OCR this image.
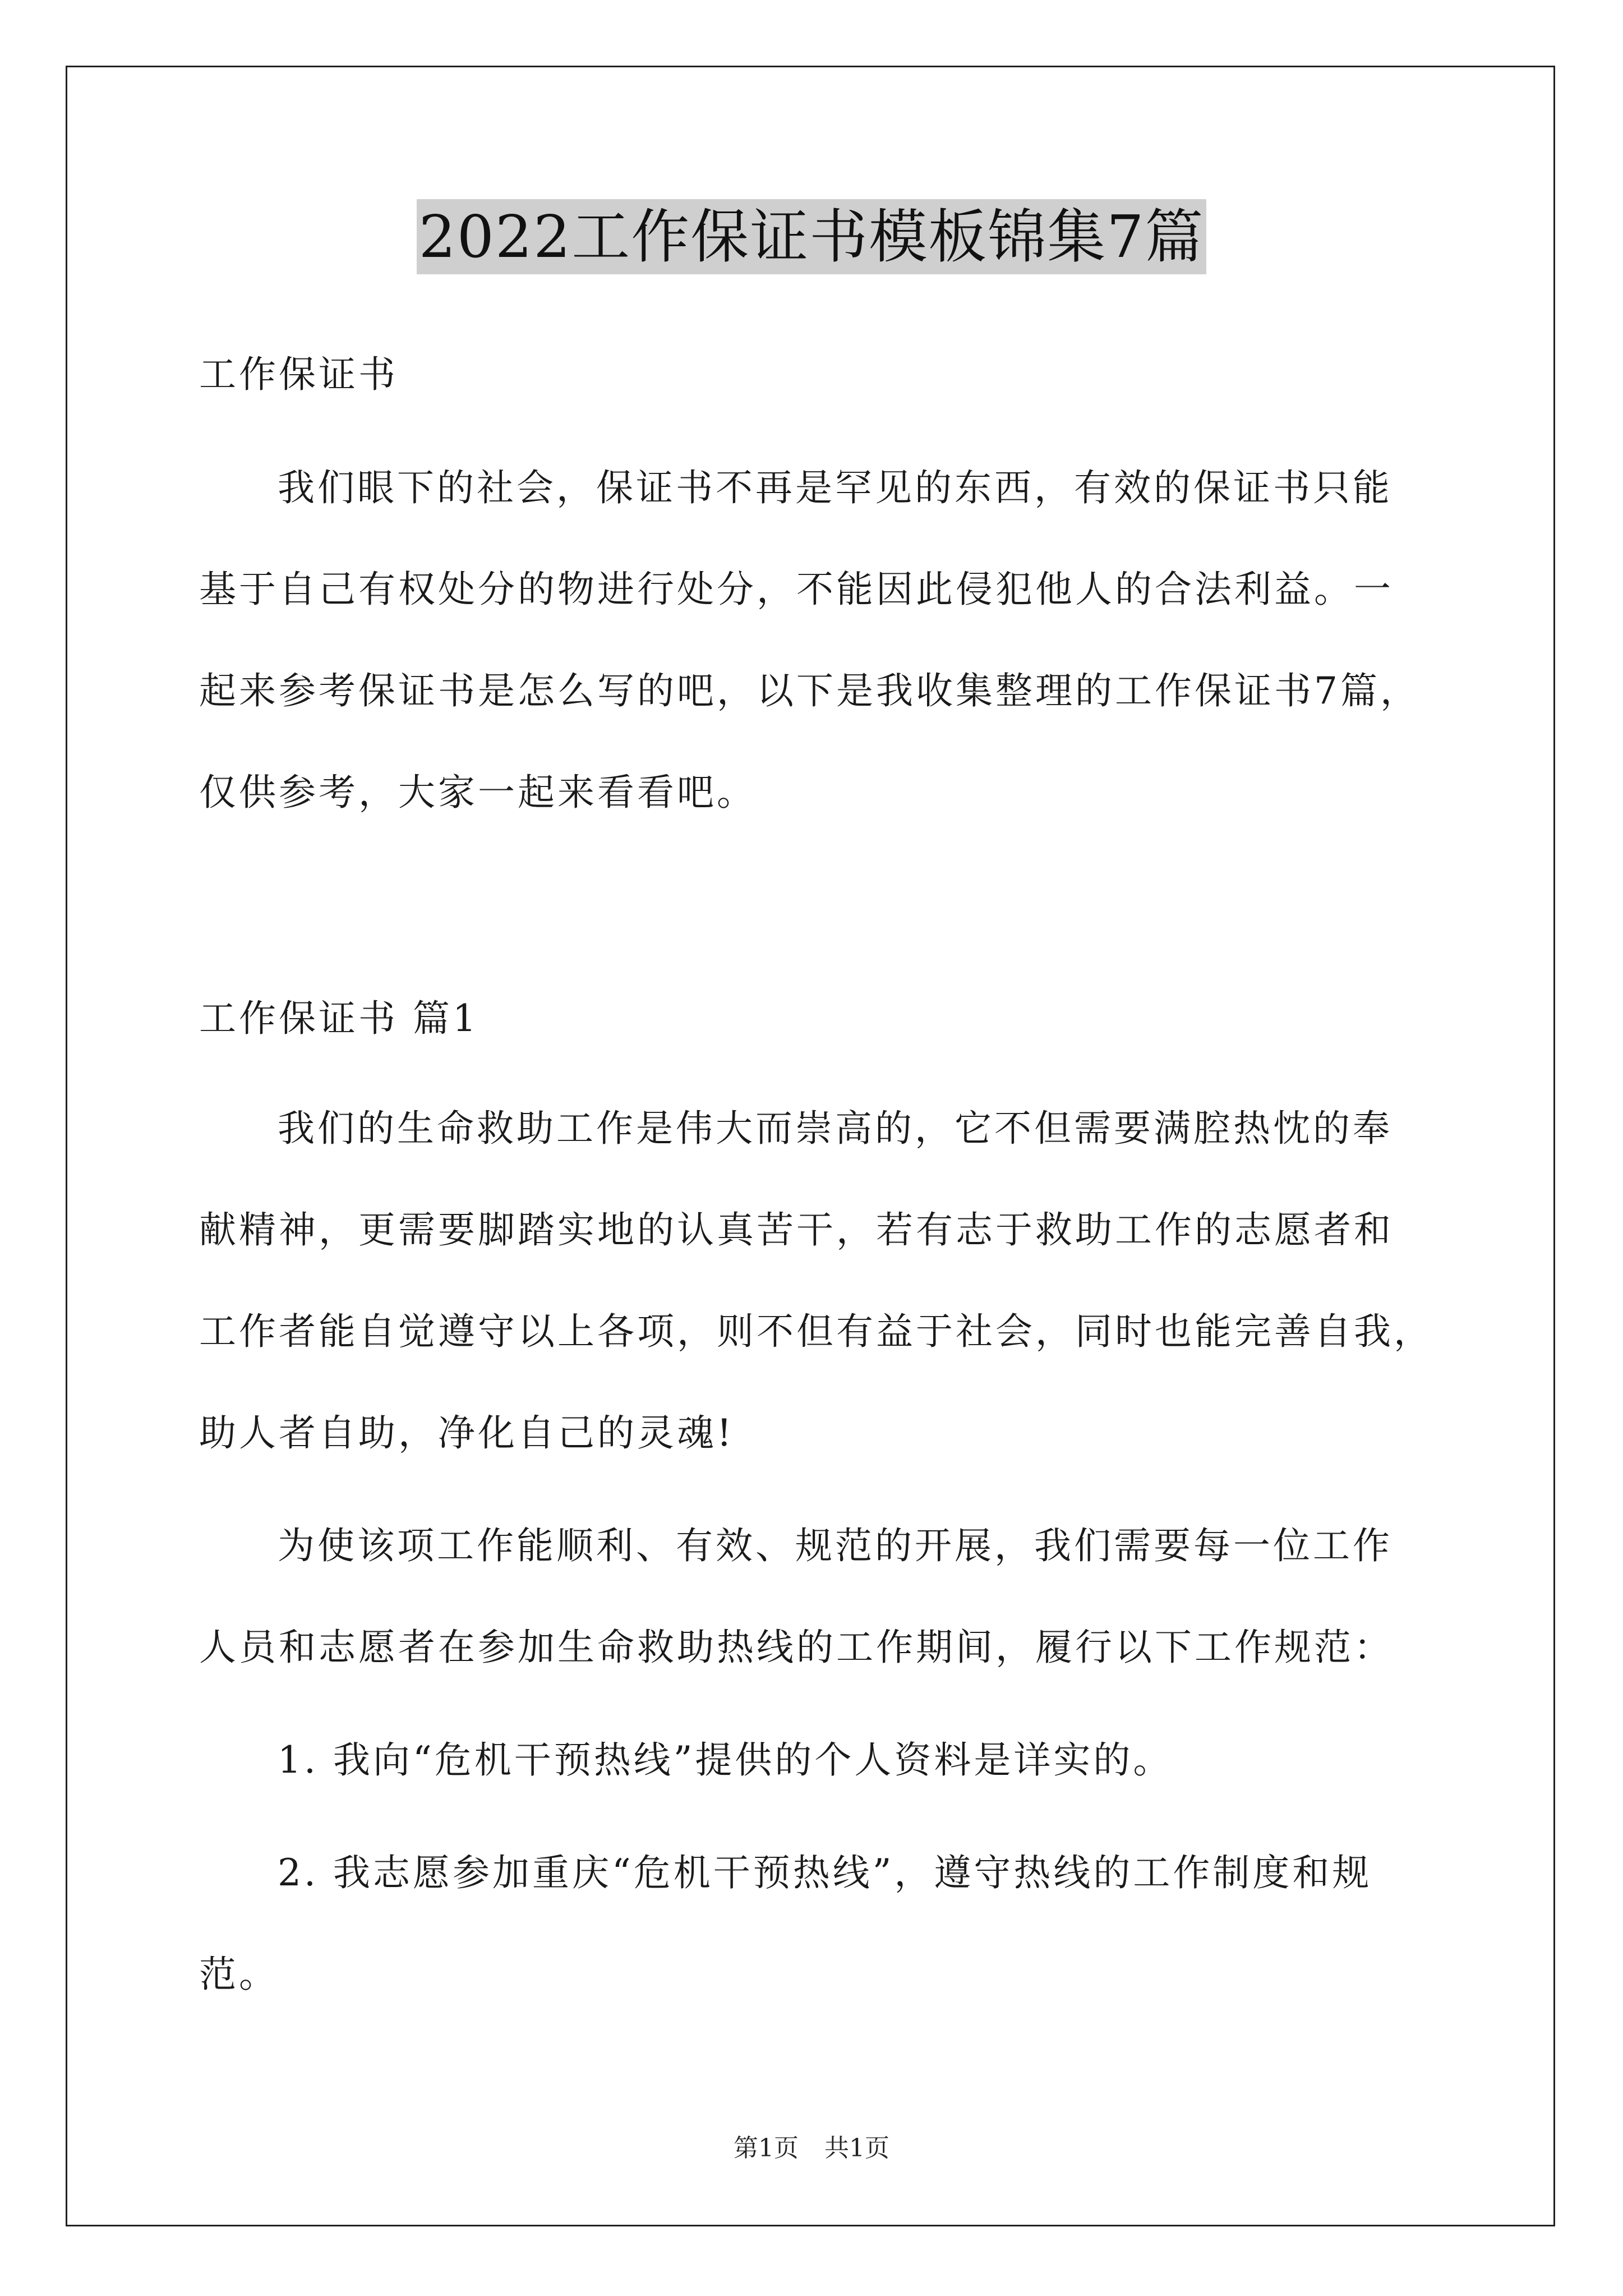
2022工作保证书模板锦集7篇
工作保证书
我们眼下的社会，保证书不再是罕见的东西，有效的保证书只能
基于自己有权处分的物进行处分，不能因此侵犯他人的合法利益。一
起来参考保证书是怎么写的吧，以下是我收集整理的工作保证书7篇，
仅供参考，大家一起来看看吧。
工作保证书 篇1
我们的生命救助工作是伟大而崇高的，它不但需要满腔热忱的奉
献精神，更需要脚踏实地的认真苦干，若有志于救助工作的志愿者和
工作者能自觉遵守以上各项，则不但有益于社会，同时也能完善自我，
助人者自助，净化自己的灵魂!
为使该项工作能顺利、有效、规范的开展，我们需要每一位工作
人员和志愿者在参加生命救助热线的工作期间，履行以下工作规范：
1. 我向“危机干预热线”提供的个人资料是详实的。
2. 我志愿参加重庆“危机干预热线”，遵守热线的工作制度和规
范。
第1页 共1页
